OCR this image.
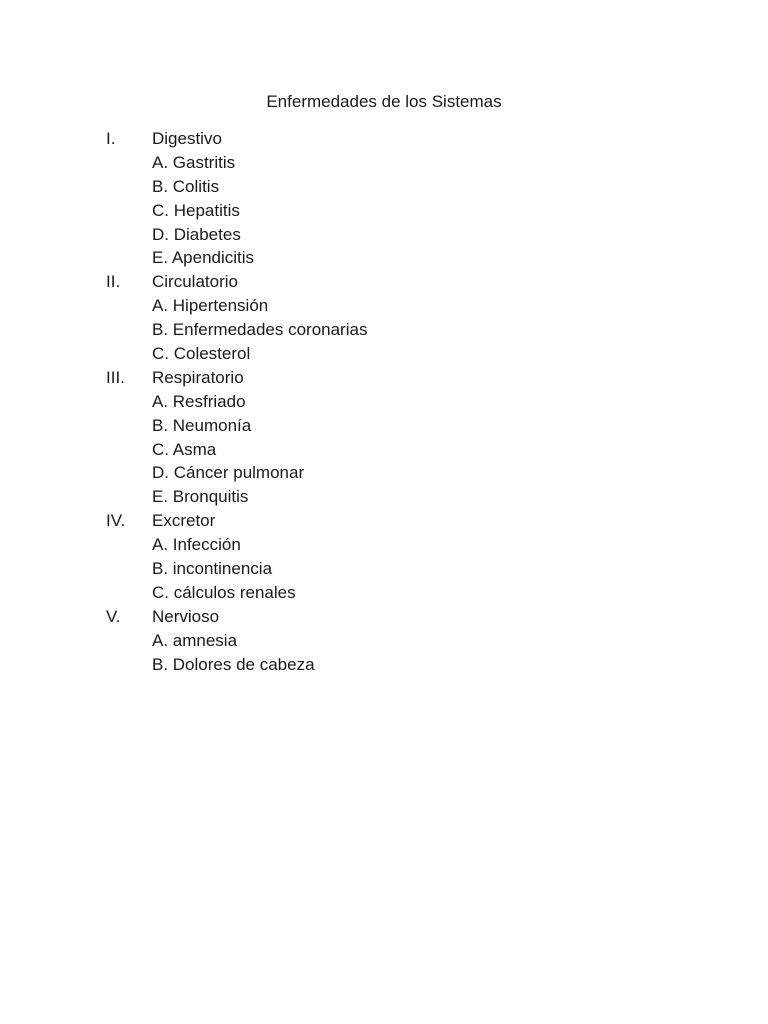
Enfermedades de los Sistemas
I. Digestivo
A. Gastritis
B. Colitis
C. Hepatitis
D. Diabetes
E. Apendicitis
II. Circulatorio
A. Hipertensión
B. Enfermedades coronarias
C. Colesterol
III. Respiratorio
A. Resfriado
B. Neumonía
C. Asma
D. Cáncer pulmonar
E. Bronquitis
IV. Excretor
A. Infección
B. incontinencia
C. cálculos renales
V. Nervioso
A. amnesia
B. Dolores de cabeza
